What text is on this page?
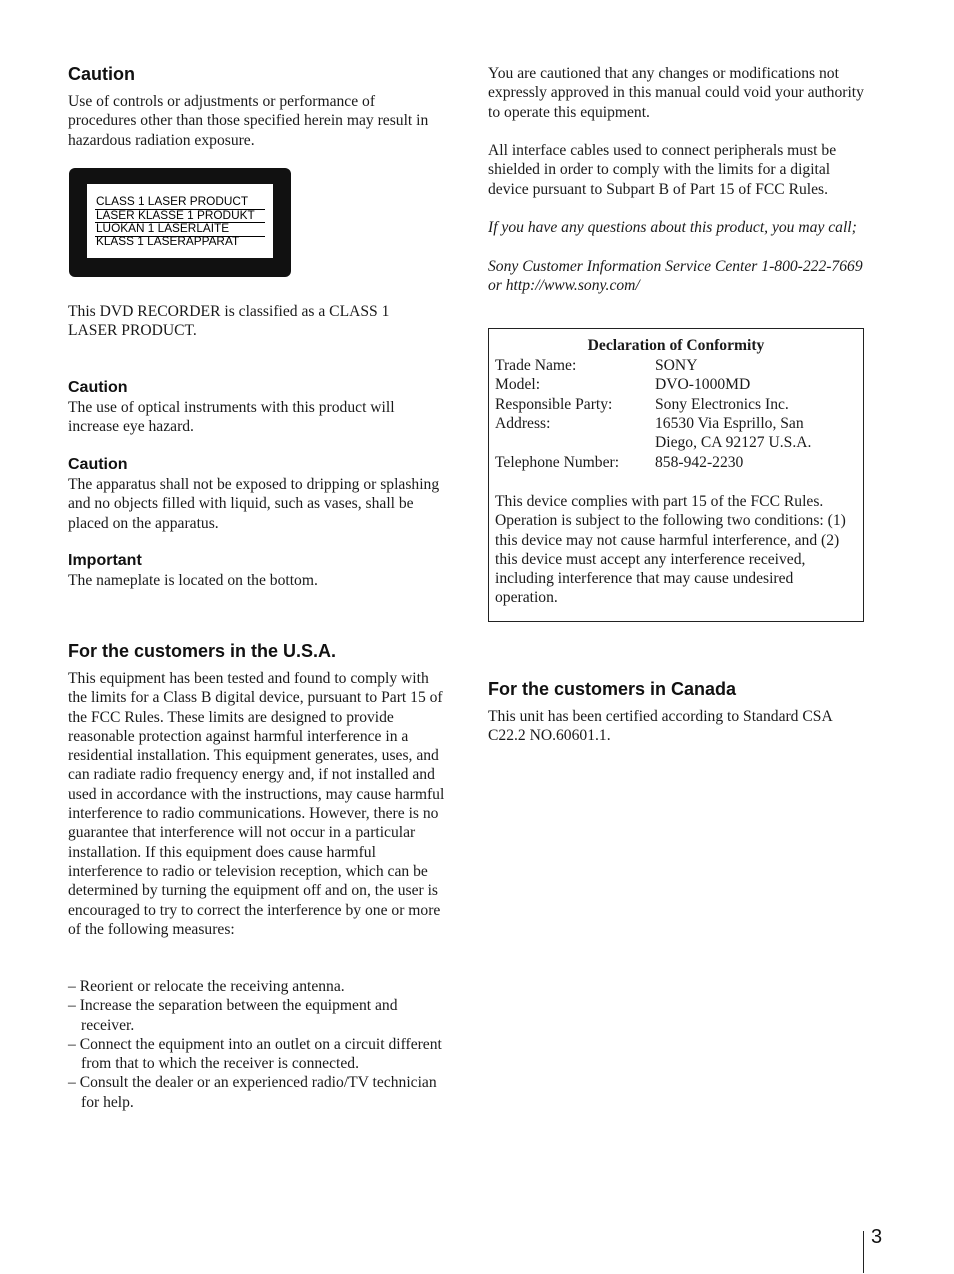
Caution

Use of controls or adjustments or performance of procedures other than those specified herein may result in hazardous radiation exposure.

CLASS 1 LASER PRODUCT
LASER KLASSE 1 PRODUKT
LUOKAN 1 LASERLAITE
KLASS 1 LASERAPPARAT

This DVD RECORDER is classified as a CLASS 1 LASER PRODUCT.

Caution

The use of optical instruments with this product will increase eye hazard.

Caution

The apparatus shall not be exposed to dripping or splashing and no objects filled with liquid, such as vases, shall be placed on the apparatus.

Important

The nameplate is located on the bottom.

For the customers in the U.S.A.

This equipment has been tested and found to comply with the limits for a Class B digital device, pursuant to Part 15 of the FCC Rules. These limits are designed to provide reasonable protection against harmful interference in a residential installation. This equipment generates, uses, and can radiate radio frequency energy and, if not installed and used in accordance with the instructions, may cause harmful interference to radio communications. However, there is no guarantee that interference will not occur in a particular installation. If this equipment does cause harmful interference to radio or television reception, which can be determined by turning the equipment off and on, the user is encouraged to try to correct the interference by one or more of the following measures:

– Reorient or relocate the receiving antenna.
– Increase the separation between the equipment and receiver.
– Connect the equipment into an outlet on a circuit different from that to which the receiver is connected.
– Consult the dealer or an experienced radio/TV technician for help.

You are cautioned that any changes or modifications not expressly approved in this manual could void your authority to operate this equipment.

All interface cables used to connect peripherals must be shielded in order to comply with the limits for a digital device pursuant to Subpart B of Part 15 of FCC Rules.

If you have any questions about this product, you may call;

Sony Customer Information Service Center 1-800-222-7669 or http://www.sony.com/

Declaration of Conformity
Trade Name:	SONY
Model:	DVO-1000MD
Responsible Party:	Sony Electronics Inc.
Address:	16530 Via Esprillo, San Diego, CA 92127 U.S.A.
Telephone Number: 858-942-2230
This device complies with part 15 of the FCC Rules. Operation is subject to the following two conditions: (1) this device may not cause harmful interference, and (2) this device must accept any interference received, including interference that may cause undesired operation.
For the customers in Canada

This unit has been certified according to Standard CSA C22.2 NO.60601.1.

3
